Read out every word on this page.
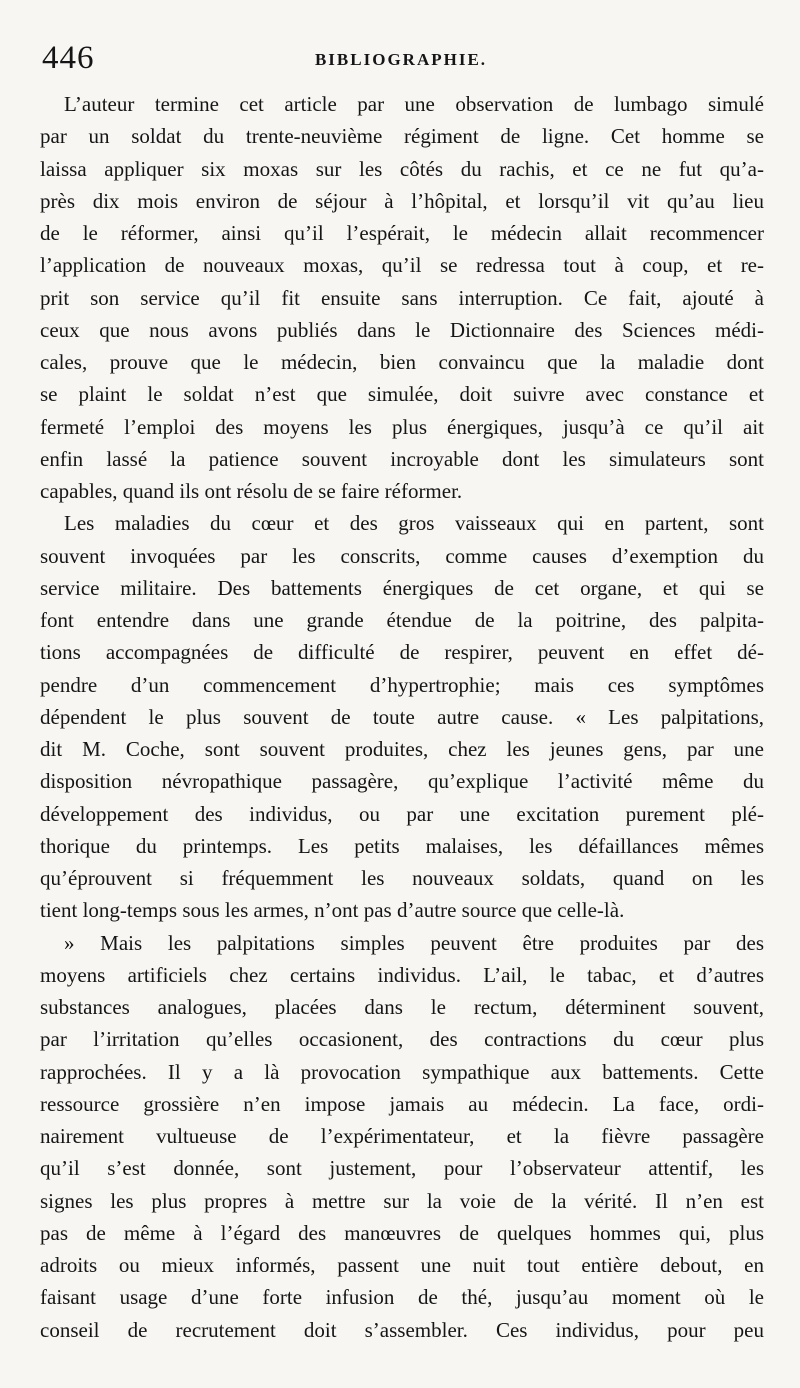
446	BIBLIOGRAPHIE.
L’auteur termine cet article par une observation de lumbago simulé
par un soldat du trente-neuvième régiment de ligne. Cet homme se
laissa appliquer six moxas sur les côtés du rachis, et ce ne fut qu’a-
près dix mois environ de séjour à l’hôpital, et lorsqu’il vit qu’au lieu
de le réformer, ainsi qu’il l’espérait, le médecin allait recommencer
l’application de nouveaux moxas, qu’il se redressa tout à coup, et re-
prit son service qu’il fit ensuite sans interruption. Ce fait, ajouté à
ceux que nous avons publiés dans le Dictionnaire des Sciences médi-
cales, prouve que le médecin, bien convaincu que la maladie dont
se plaint le soldat n’est que simulée, doit suivre avec constance et
fermeté l’emploi des moyens les plus énergiques, jusqu’à ce qu’il ait
enfin lassé la patience souvent incroyable dont les simulateurs sont
capables, quand ils ont résolu de se faire réformer.
Les maladies du cœur et des gros vaisseaux qui en partent, sont
souvent invoquées par les conscrits, comme causes d’exemption du
service militaire. Des battements énergiques de cet organe, et qui se
font entendre dans une grande étendue de la poitrine, des palpita-
tions accompagnées de difficulté de respirer, peuvent en effet dé-
pendre d’un commencement d’hypertrophie; mais ces symptômes
dépendent le plus souvent de toute autre cause. « Les palpitations,
dit M. Coche, sont souvent produites, chez les jeunes gens, par une
disposition névropathique passagère, qu’explique l’activité même du
développement des individus, ou par une excitation purement plé-
thorique du printemps. Les petits malaises, les défaillances mêmes
qu’éprouvent si fréquemment les nouveaux soldats, quand on les
tient long-temps sous les armes, n’ont pas d’autre source que celle-là.
» Mais les palpitations simples peuvent être produites par des
moyens artificiels chez certains individus. L’ail, le tabac, et d’autres
substances analogues, placées dans le rectum, déterminent souvent,
par l’irritation qu’elles occasionent, des contractions du cœur plus
rapprochées. Il y a là provocation sympathique aux battements. Cette
ressource grossière n’en impose jamais au médecin. La face, ordi-
nairement vultueuse de l’expérimentateur, et la fièvre passagère
qu’il s’est donnée, sont justement, pour l’observateur attentif, les
signes les plus propres à mettre sur la voie de la vérité. Il n’en est
pas de même à l’égard des manœuvres de quelques hommes qui, plus
adroits ou mieux informés, passent une nuit tout entière debout, en
faisant usage d’une forte infusion de thé, jusqu’au moment où le
conseil de recrutement doit s’assembler. Ces individus, pour peu
